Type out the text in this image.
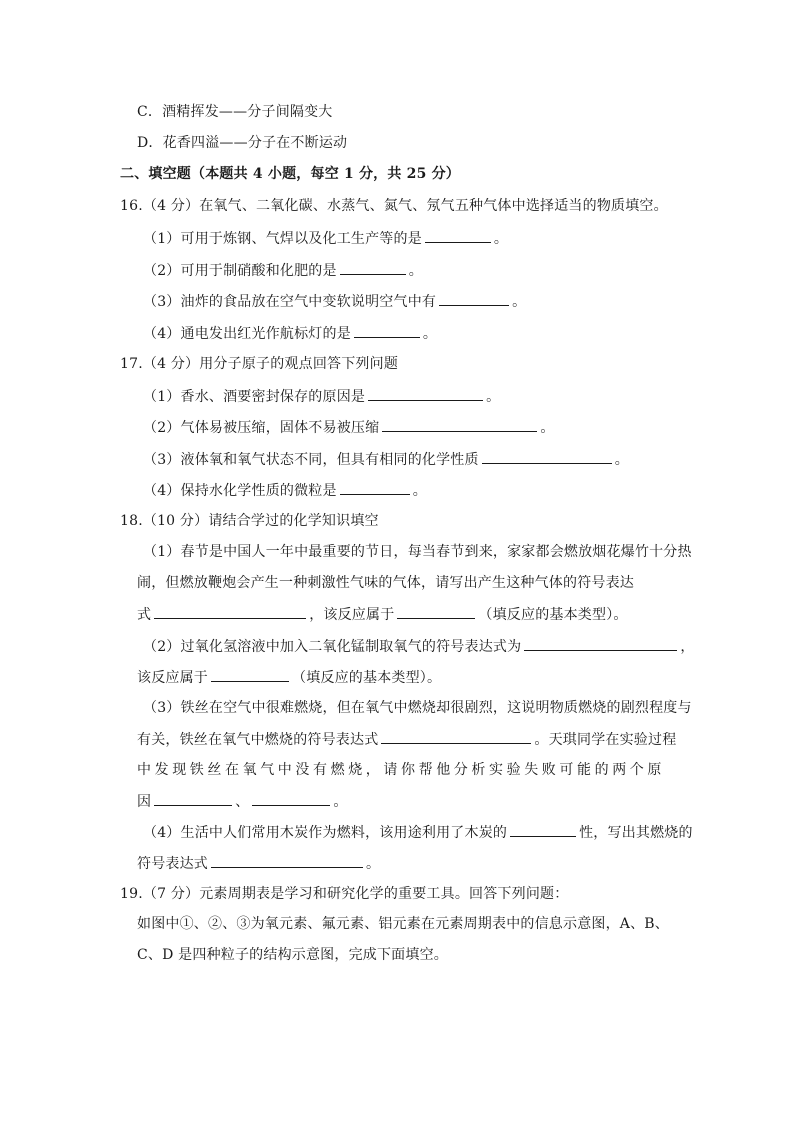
C．酒精挥发——分子间隔变大
D．花香四溢——分子在不断运动
二、填空题（本题共 4 小题，每空 1 分，共 25 分）
16.（4 分）在氧气、二氧化碳、水蒸气、氮气、氖气五种气体中选择适当的物质填空。
（1）可用于炼钢、气焊以及化工生产等的是	。
（2）可用于制硝酸和化肥的是	。
（3）油炸的食品放在空气中变软说明空气中有	。
（4）通电发出红光作航标灯的是	。
17.（4 分）用分子原子的观点回答下列问题
（1）香水、酒要密封保存的原因是	。
（2）气体易被压缩，固体不易被压缩	。
（3）液体氧和氧气状态不同，但具有相同的化学性质	。
（4）保持水化学性质的微粒是	。
18.（10 分）请结合学过的化学知识填空
（1）春节是中国人一年中最重要的节日，每当春节到来，家家都会燃放烟花爆竹十分热
闹，但燃放鞭炮会产生一种刺激性气味的气体，请写出产生这种气体的符号表达
式	，该反应属于	（填反应的基本类型）。
（2）过氧化氢溶液中加入二氧化锰制取氧气的符号表达式为	，
该反应属于	（填反应的基本类型）。
（3）铁丝在空气中很难燃烧，但在氧气中燃烧却很剧烈，这说明物质燃烧的剧烈程度与
有关，铁丝在氧气中燃烧的符号表达式	。天琪同学在实验过程
中发现铁丝在氧气中没有燃烧，请你帮他分析实验失败可能的两个原
因	、	。
（4）生活中人们常用木炭作为燃料，该用途利用了木炭的	性，写出其燃烧的
符号表达式	。
19.（7 分）元素周期表是学习和研究化学的重要工具。回答下列问题：
如图中①、②、③为氧元素、氟元素、铝元素在元素周期表中的信息示意图，A、B、
C、D 是四种粒子的结构示意图，完成下面填空。
